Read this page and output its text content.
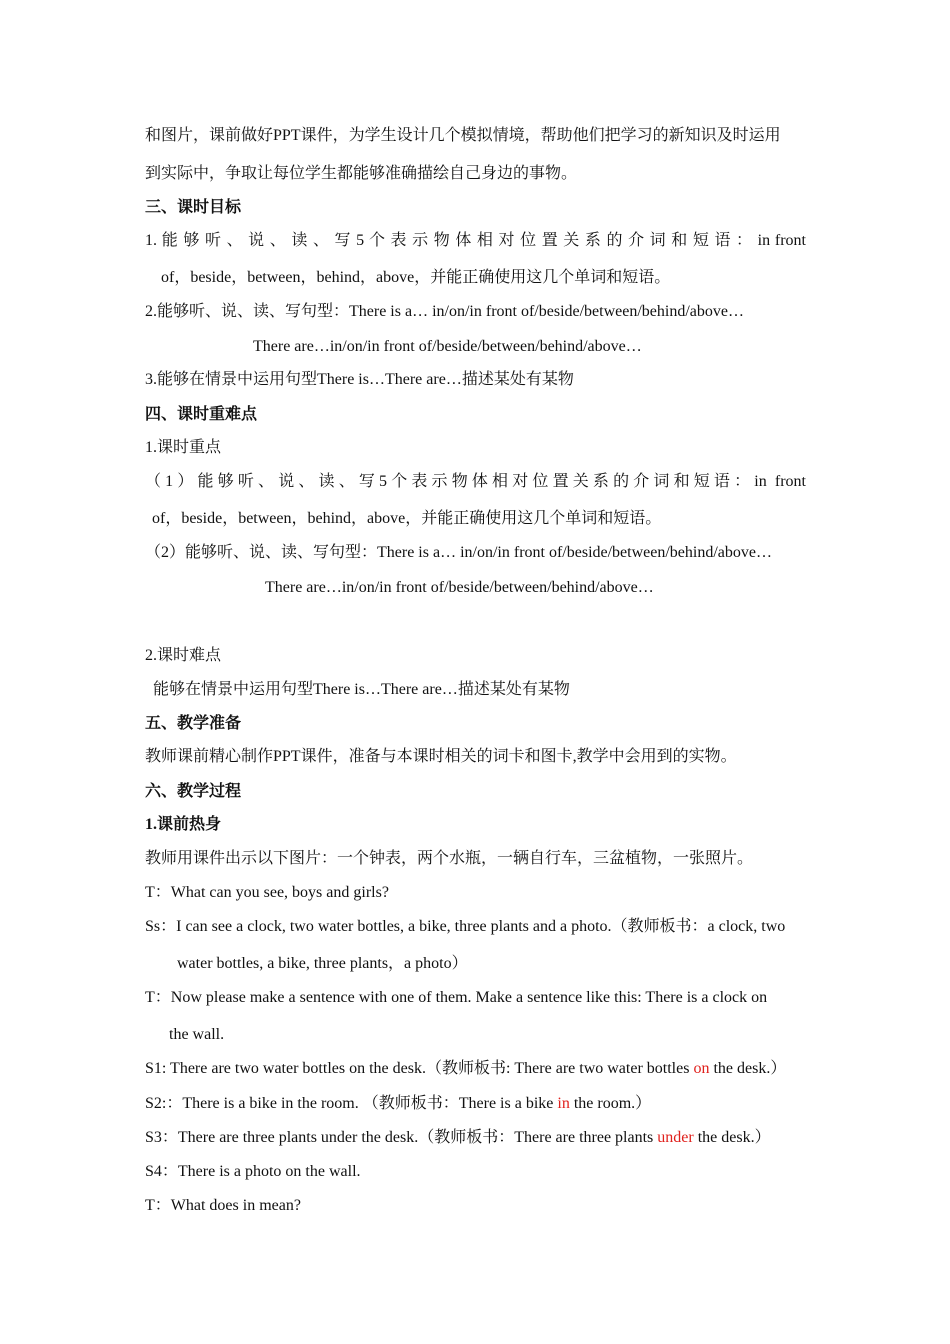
和图片，课前做好PPT课件，为学生设计几个模拟情境，帮助他们把学习的新知识及时运用
到实际中，争取让每位学生都能够准确描绘自己身边的事物。
三、课时目标
1. 能 够 听 、 说 、 读 、 写 5 个 表 示 物 体 相 对 位 置 关 系 的 介 词 和 短 语 ： in front
of，beside，between，behind，above，并能正确使用这几个单词和短语。
2.能够听、说、读、写句型：There is a… in/on/in front of/beside/between/behind/above…
There are…in/on/in front of/beside/between/behind/above…
3.能够在情景中运用句型There is…There are…描述某处有某物
四、课时重难点
1.课时重点
（1）能够听、说、读、写5个表示物体相对位置关系的介词和短语：in front
of，beside，between，behind，above，并能正确使用这几个单词和短语。
（2）能够听、说、读、写句型：There is a… in/on/in front of/beside/between/behind/above…
There are…in/on/in front of/beside/between/behind/above…
2.课时难点
能够在情景中运用句型There is…There are…描述某处有某物
五、教学准备
教师课前精心制作PPT课件，准备与本课时相关的词卡和图卡,教学中会用到的实物。
六、教学过程
1.课前热身
教师用课件出示以下图片：一个钟表，两个水瓶，一辆自行车，三盆植物，一张照片。
T：What can you see, boys and girls?
Ss：I can see a clock, two water bottles, a bike, three plants and a photo.（教师板书：a clock, two
water bottles, a bike, three plants，a photo）
T：Now please make a sentence with one of them. Make a sentence like this: There is a clock on
the wall.
S1: There are two water bottles on the desk.（教师板书: There are two water bottles on the desk.）
S2:：There is a bike in the room. （教师板书：There is a bike in the room.）
S3：There are three plants under the desk.（教师板书：There are three plants under the desk.）
S4：There is a photo on the wall.
T：What does in mean?
